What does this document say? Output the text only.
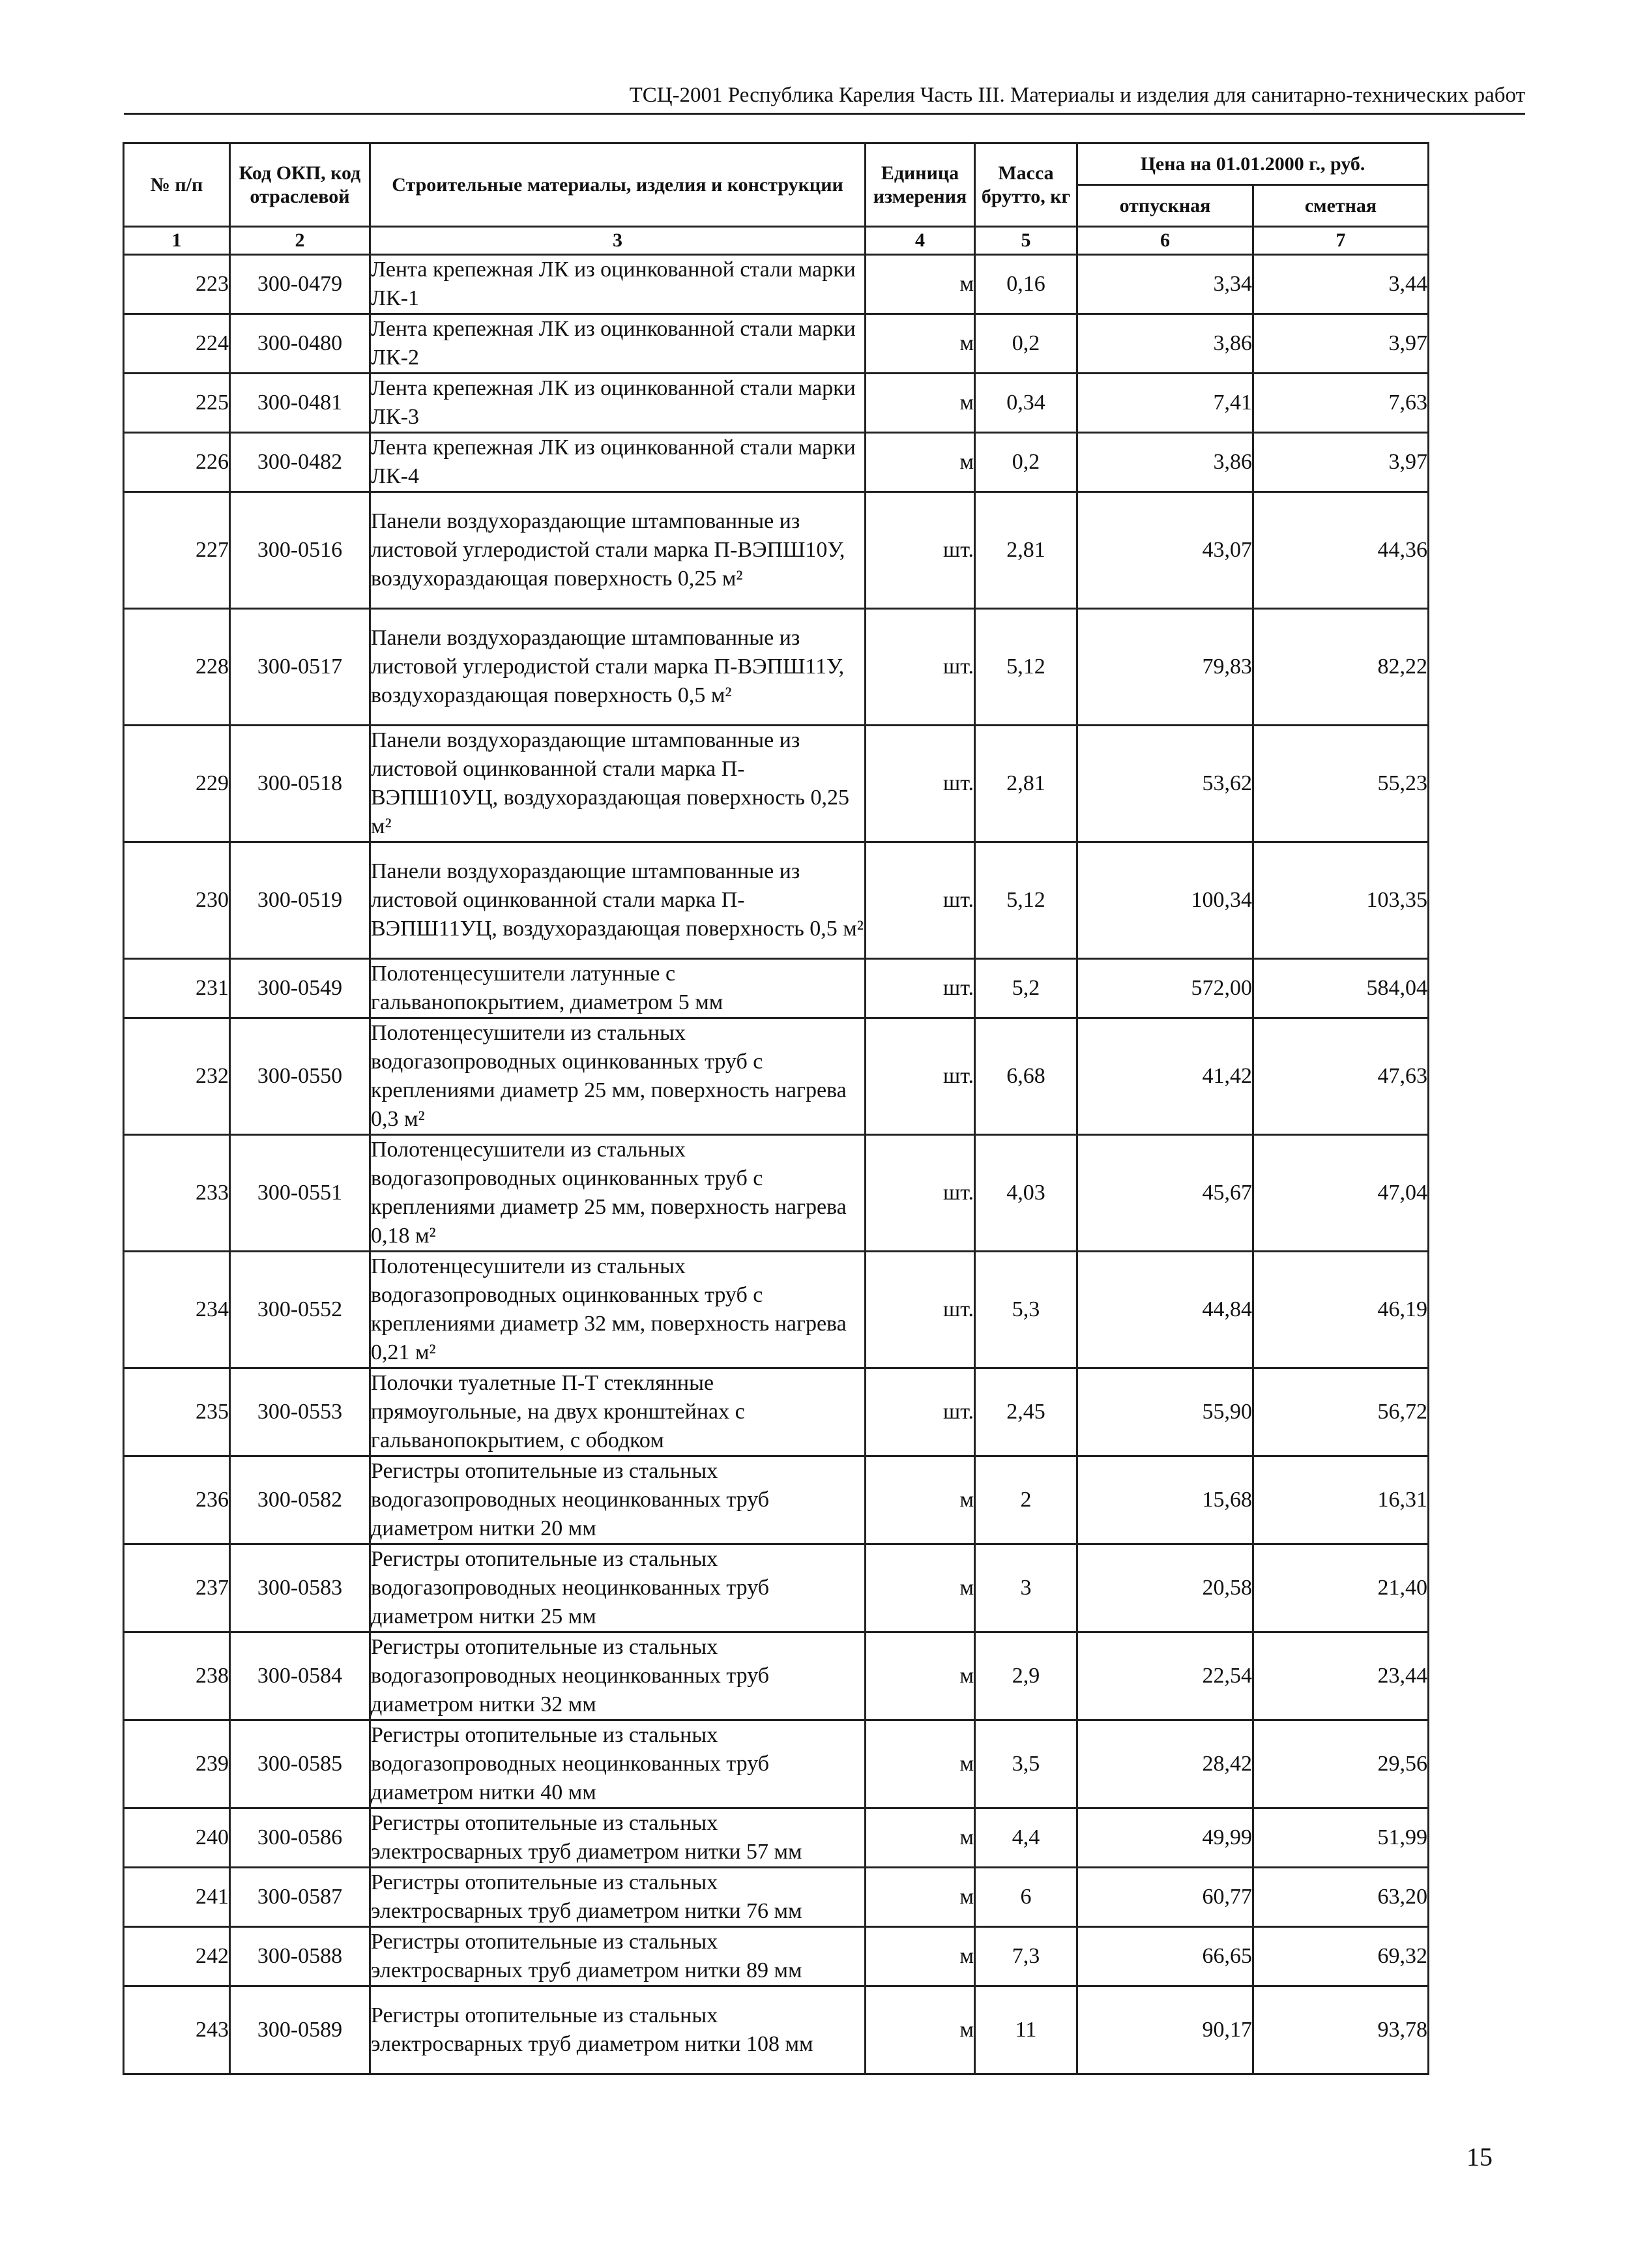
ТСЦ-2001 Республика Карелия Часть III. Материалы и изделия для санитарно-технических работ
№ п/п	Код ОКП, код отраслевой	Строительные материалы, изделия и конструкции	Единица измерения	Масса брутто, кг	Цена на 01.01.2000 г., руб.	
					отпускная	сметная
1	2	3	4	5	6	7
223	300-0479	Лента крепежная ЛК из оцинкованной стали марки ЛК-1	м	0,16	3,34	3,44
224	300-0480	Лента крепежная ЛК из оцинкованной стали марки ЛК-2	м	0,2	3,86	3,97
225	300-0481	Лента крепежная ЛК из оцинкованной стали марки ЛК-3	м	0,34	7,41	7,63
226	300-0482	Лента крепежная ЛК из оцинкованной стали марки ЛК-4	м	0,2	3,86	3,97
227	300-0516	Панели воздухораздающие штампованные из листовой углеродистой стали марка П-ВЭПШ10У, воздухораздающая поверхность 0,25 м²	шт.	2,81	43,07	44,36
228	300-0517	Панели воздухораздающие штампованные из листовой углеродистой стали марка П-ВЭПШ11У, воздухораздающая поверхность 0,5 м²	шт.	5,12	79,83	82,22
229	300-0518	Панели воздухораздающие штампованные из листовой оцинкованной стали марка П-ВЭПШ10УЦ, воздухораздающая поверхность 0,25 м²	шт.	2,81	53,62	55,23
230	300-0519	Панели воздухораздающие штампованные из листовой оцинкованной стали марка П-ВЭПШ11УЦ, воздухораздающая поверхность 0,5 м²	шт.	5,12	100,34	103,35
231	300-0549	Полотенцесушители латунные с гальванопокрытием, диаметром 5 мм	шт.	5,2	572,00	584,04
232	300-0550	Полотенцесушители из стальных водогазопроводных оцинкованных труб с креплениями диаметр 25 мм, поверхность нагрева 0,3 м²	шт.	6,68	41,42	47,63
233	300-0551	Полотенцесушители из стальных водогазопроводных оцинкованных труб с креплениями диаметр 25 мм, поверхность нагрева 0,18 м²	шт.	4,03	45,67	47,04
234	300-0552	Полотенцесушители из стальных водогазопроводных оцинкованных труб с креплениями диаметр 32 мм, поверхность нагрева 0,21 м²	шт.	5,3	44,84	46,19
235	300-0553	Полочки туалетные П-Т стеклянные прямоугольные, на двух кронштейнах с гальванопокрытием, с ободком	шт.	2,45	55,90	56,72
236	300-0582	Регистры отопительные из стальных водогазопроводных неоцинкованных труб диаметром нитки 20 мм	м	2	15,68	16,31
237	300-0583	Регистры отопительные из стальных водогазопроводных неоцинкованных труб диаметром нитки 25 мм	м	3	20,58	21,40
238	300-0584	Регистры отопительные из стальных водогазопроводных неоцинкованных труб диаметром нитки 32 мм	м	2,9	22,54	23,44
239	300-0585	Регистры отопительные из стальных водогазопроводных неоцинкованных труб диаметром нитки 40 мм	м	3,5	28,42	29,56
240	300-0586	Регистры отопительные из стальных электросварных труб диаметром нитки 57 мм	м	4,4	49,99	51,99
241	300-0587	Регистры отопительные из стальных электросварных труб диаметром нитки 76 мм	м	6	60,77	63,20
242	300-0588	Регистры отопительные из стальных электросварных труб диаметром нитки 89 мм	м	7,3	66,65	69,32
243	300-0589	Регистры отопительные из стальных электросварных труб диаметром нитки 108 мм	м	11	90,17	93,78
15
